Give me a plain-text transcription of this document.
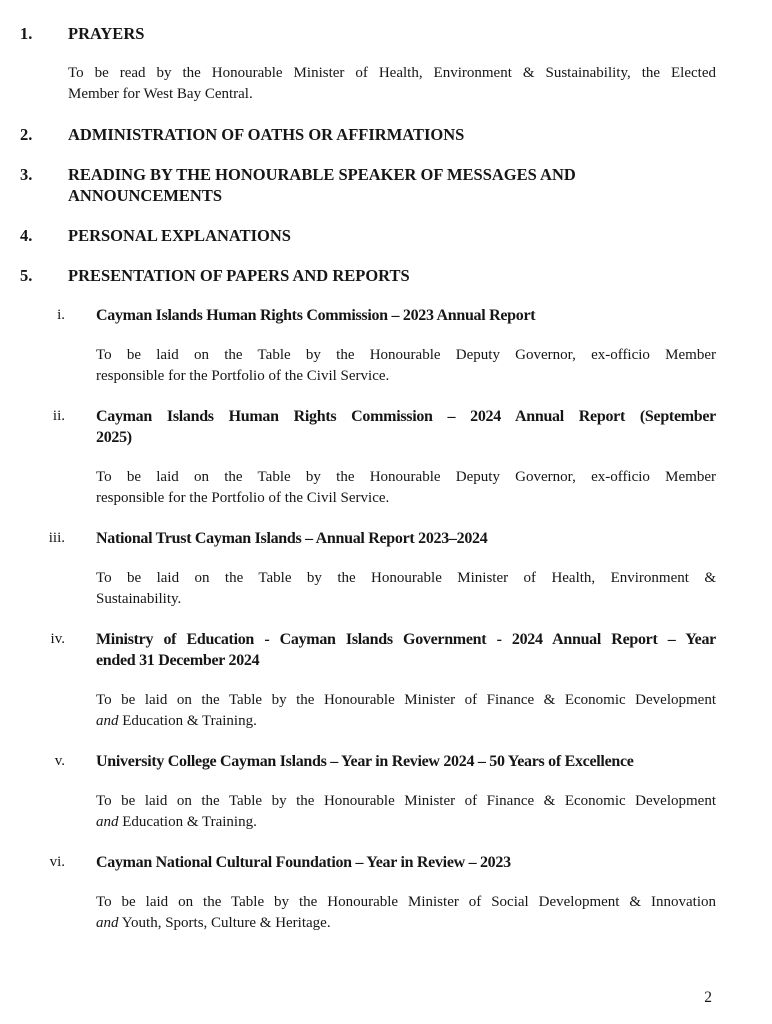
1.	PRAYERS
To be read by the Honourable Minister of Health, Environment & Sustainability, the Elected
Member for West Bay Central.
2.	ADMINISTRATION OF OATHS OR AFFIRMATIONS
3.	READING BY THE HONOURABLE SPEAKER OF MESSAGES AND
ANNOUNCEMENTS
4.	PERSONAL EXPLANATIONS
5.	PRESENTATION OF PAPERS AND REPORTS
i. Cayman Islands Human Rights Commission – 2023 Annual Report
To be laid on the Table by the Honourable Deputy Governor, ex-officio Member
responsible for the Portfolio of the Civil Service.
ii. Cayman Islands Human Rights Commission – 2024 Annual Report (September
2025)
To be laid on the Table by the Honourable Deputy Governor, ex-officio Member
responsible for the Portfolio of the Civil Service.
iii. National Trust Cayman Islands – Annual Report 2023–2024
To be laid on the Table by the Honourable Minister of Health, Environment &
Sustainability.
iv. Ministry of Education - Cayman Islands Government - 2024 Annual Report – Year
ended 31 December 2024
To be laid on the Table by the Honourable Minister of Finance & Economic Development
and Education & Training.
v. University College Cayman Islands – Year in Review 2024 – 50 Years of Excellence
To be laid on the Table by the Honourable Minister of Finance & Economic Development
and Education & Training.
vi. Cayman National Cultural Foundation – Year in Review – 2023
To be laid on the Table by the Honourable Minister of Social Development & Innovation
and Youth, Sports, Culture & Heritage.
2
